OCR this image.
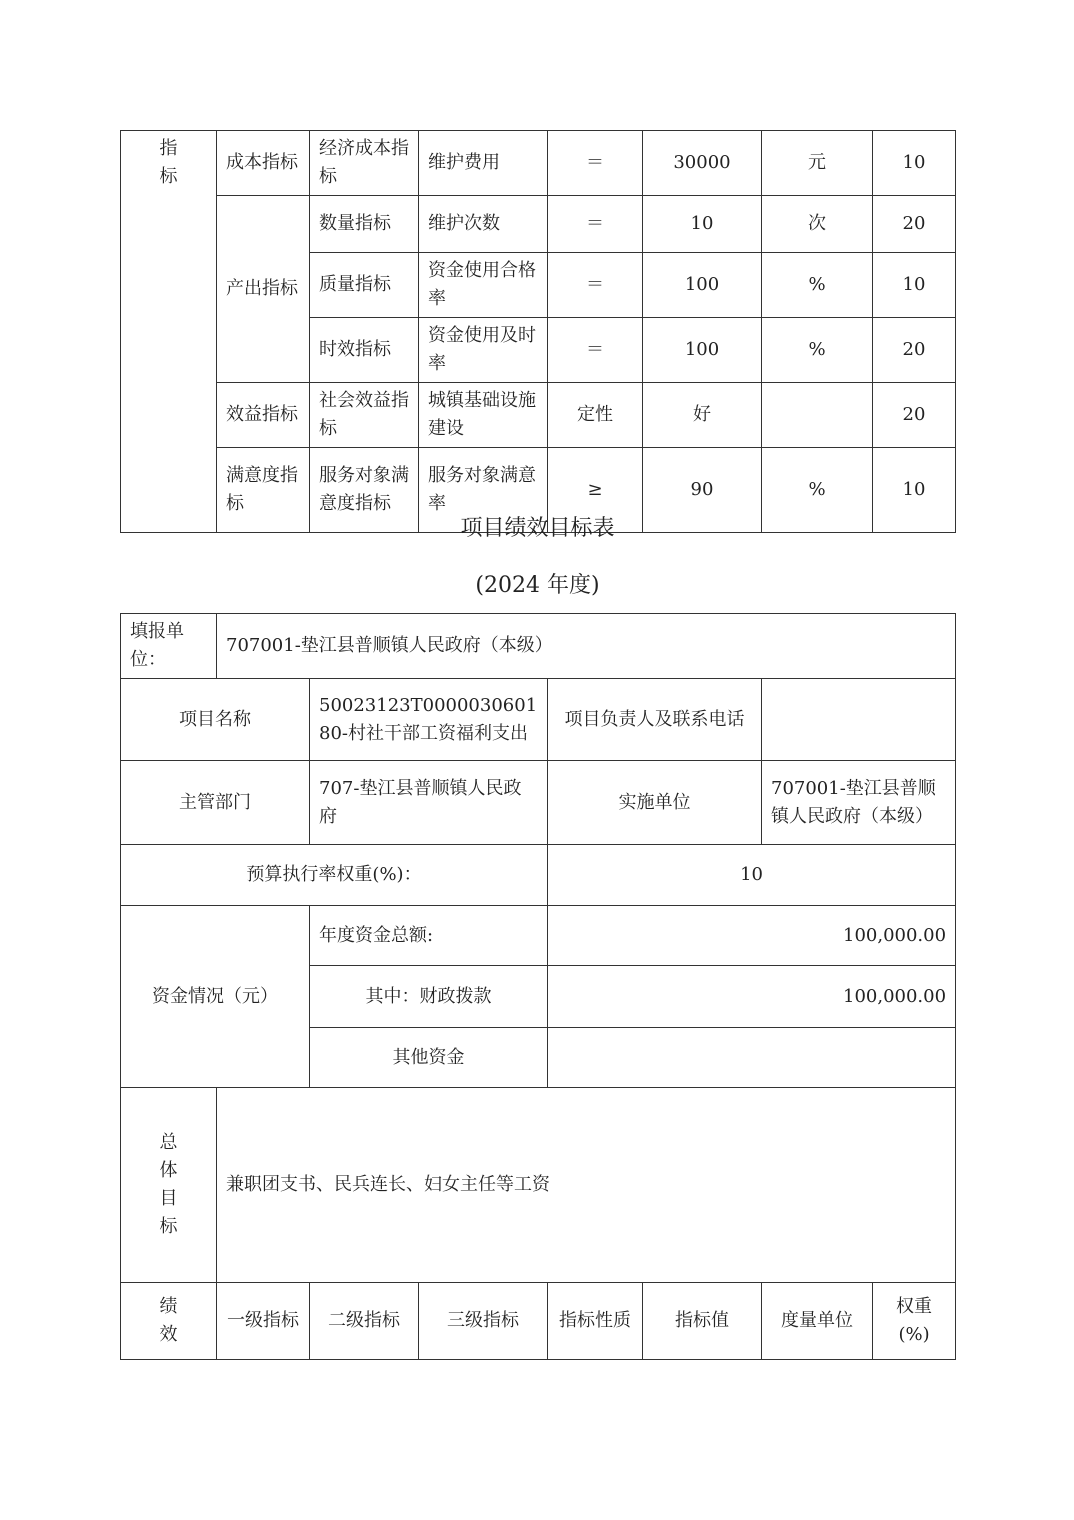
指
标	成本指标	经济成本指标	维护费用	＝	30000	元	10
	产出指标	数量指标	维护次数	＝	10	次	20
		质量指标	资金使用合格率	＝	100	%	10
		时效指标	资金使用及时率	＝	100	%	20
	效益指标	社会效益指标	城镇基础设施建设	定性	好		20
	满意度指标	服务对象满意度指标	服务对象满意率	≥	90	%	10
项目绩效目标表
(2024 年度)
填报单位：	707001-垫江县普顺镇人民政府（本级）						
项目名称		50023123T000003060180-村社干部工资福利支出		项目负责人及联系电话			
主管部门		707-垫江县普顺镇人民政府		实施单位		707001-垫江县普顺镇人民政府（本级）	
预算执行率权重(%)：				10			
资金情况（元）		年度资金总额:		100,000.00			
		其中：财政拨款		100,000.00			
		其他资金					

总
体
目
标	兼职团支书、民兵连长、妇女主任等工资						

绩
效	一级指标	二级指标	三级指标	指标性质	指标值	度量单位	权重(%)
